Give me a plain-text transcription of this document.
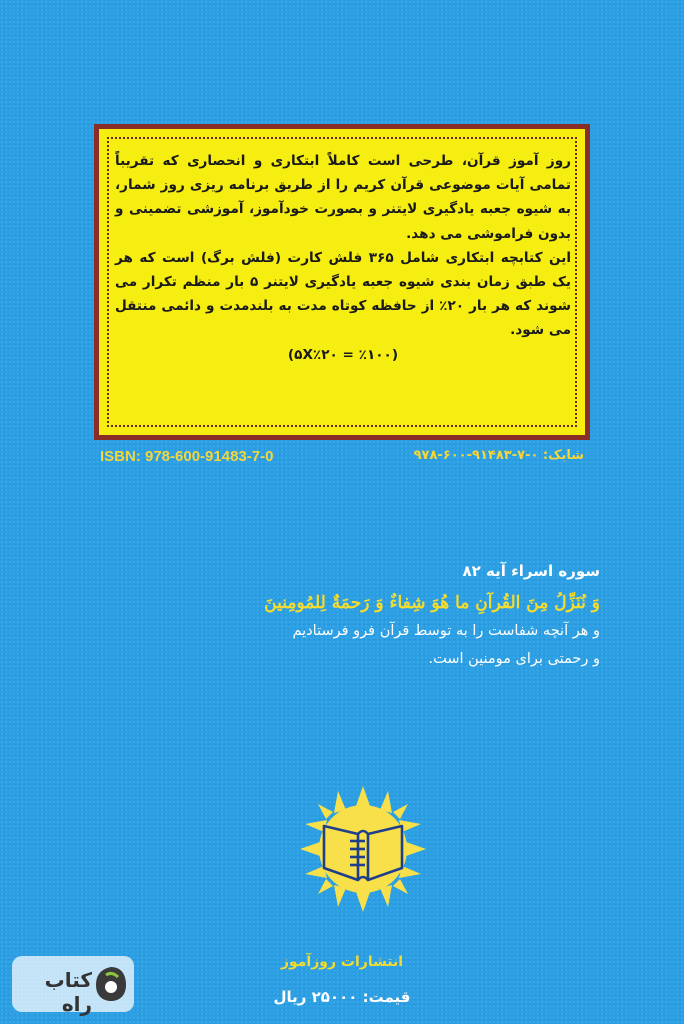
روز آموز قرآن، طرحی است کاملاً ابتکاری و انحصاری که تقریباً تمامی آیات موضوعی قرآن کریم را از طریق برنامه ریزی روز شمار، به شیوه جعبه یادگیری لایتنر و بصورت خودآموز، آموزشی تضمینی و بدون فراموشی می دهد.

این کتابچه ابتکاری شامل ۳۶۵ فلش کارت (فلش برگ) است که هر یک طبق زمان بندی شیوه جعبه یادگیری لایتنر ۵ بار منظم تکرار می شوند که هر بار ۲۰٪ از حافظه کوتاه مدت به بلندمدت و دائمی منتقل می شود.

(۵X٪۲۰ = ٪۱۰۰)

ISBN: 978-600-91483-7-0	شابک: ۰-۷-۹۱۴۸۳-۶۰۰-۹۷۸

سوره اسراء آیه ۸۲

وَ نُنَزِّلُ مِنَ القُرآنِ ما هُوَ شِفاءٌ وَ رَحمَةٌ لِلمُومِنینَ

و هر آنچه شفاست را به توسط قرآن فرو فرستادیم

و رحمتی برای مومنین است.

انتشارات روزآموز
قیمت: ۲۵۰۰۰ ریال
کتاب راه
